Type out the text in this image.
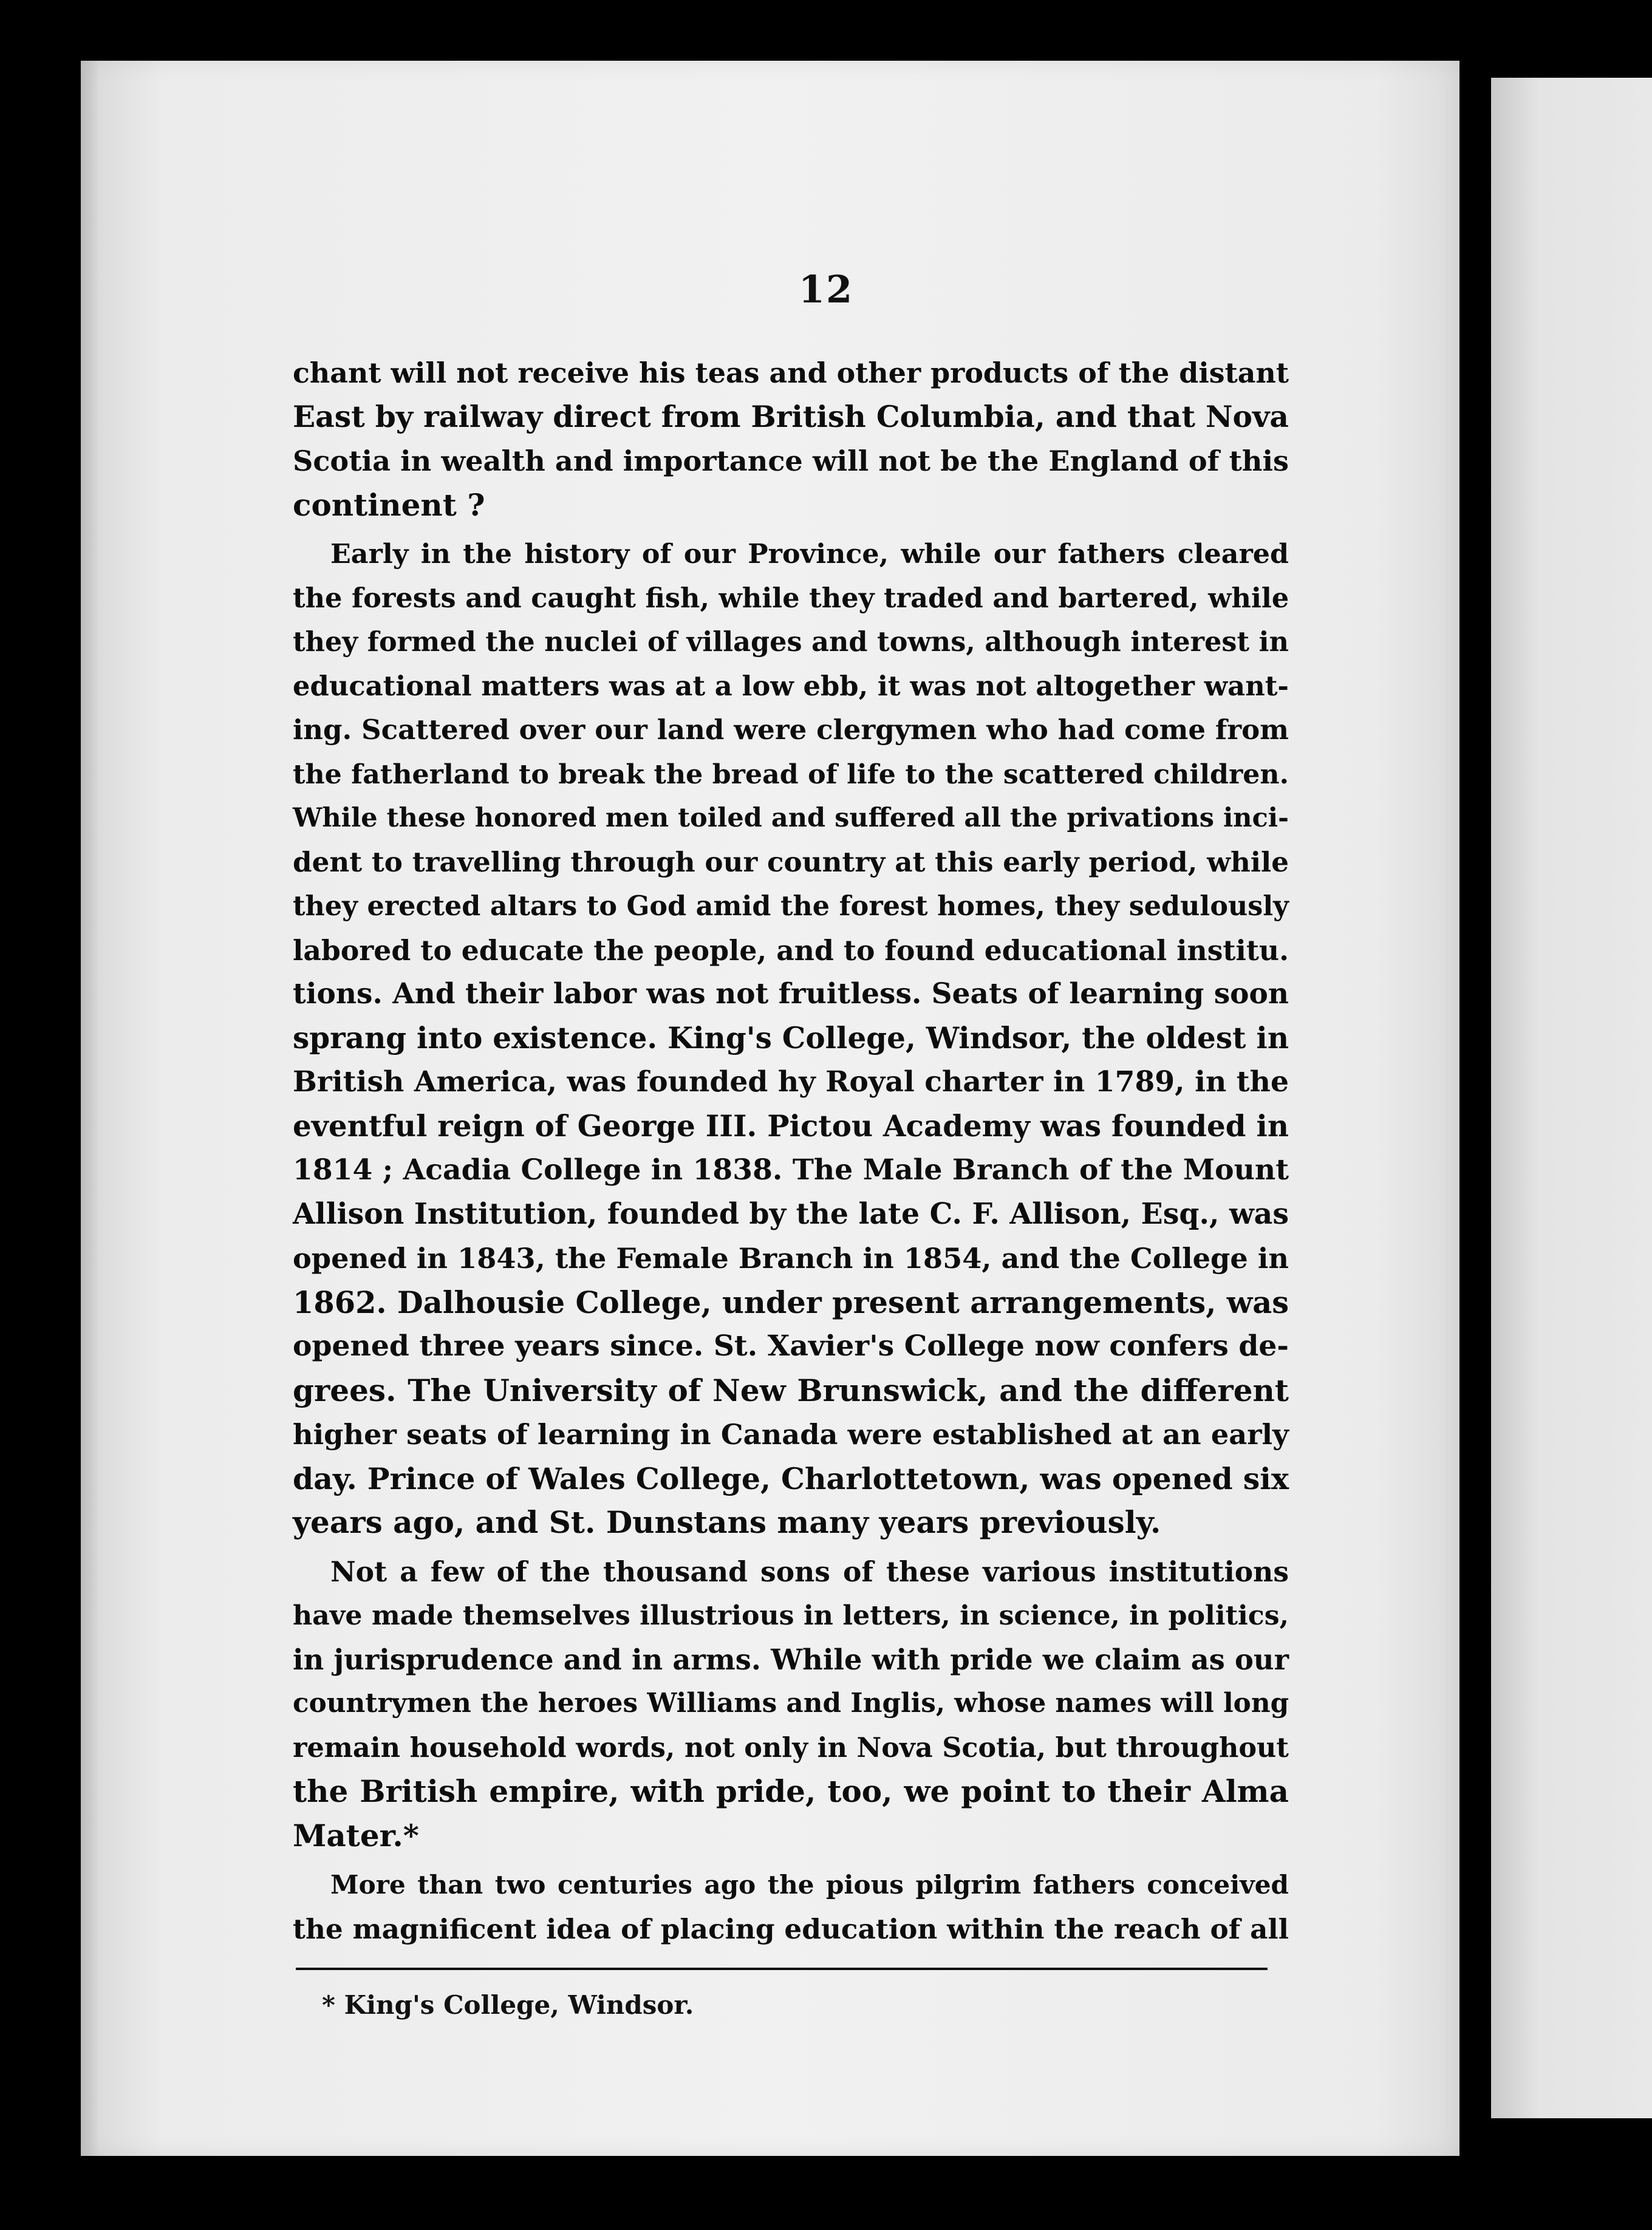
12
chant will not receive his teas and other products of the distant
East by railway direct from British Columbia, and that Nova
Scotia in wealth and importance will not be the England of this
continent ?
Early in the history of our Province, while our fathers cleared
the forests and caught fish, while they traded and bartered, while
they formed the nuclei of villages and towns, although interest in
educational matters was at a low ebb, it was not altogether want-
ing. Scattered over our land were clergymen who had come from
the fatherland to break the bread of life to the scattered children.
While these honored men toiled and suffered all the privations inci-
dent to travelling through our country at this early period, while
they erected altars to God amid the forest homes, they sedulously
labored to educate the people, and to found educational institu.
tions. And their labor was not fruitless. Seats of learning soon
sprang into existence. King's College, Windsor, the oldest in
British America, was founded hy Royal charter in 1789, in the
eventful reign of George III. Pictou Academy was founded in
1814 ; Acadia College in 1838. The Male Branch of the Mount
Allison Institution, founded by the late C. F. Allison, Esq., was
opened in 1843, the Female Branch in 1854, and the College in
1862. Dalhousie College, under present arrangements, was
opened three years since. St. Xavier's College now confers de-
grees. The University of New Brunswick, and the different
higher seats of learning in Canada were established at an early
day. Prince of Wales College, Charlottetown, was opened six
years ago, and St. Dunstans many years previously.
Not a few of the thousand sons of these various institutions
have made themselves illustrious in letters, in science, in politics,
in jurisprudence and in arms. While with pride we claim as our
countrymen the heroes Williams and Inglis, whose names will long
remain household words, not only in Nova Scotia, but throughout
the British empire, with pride, too, we point to their Alma
Mater.*
More than two centuries ago the pious pilgrim fathers conceived
the magnificent idea of placing education within the reach of all
* King's College, Windsor.
